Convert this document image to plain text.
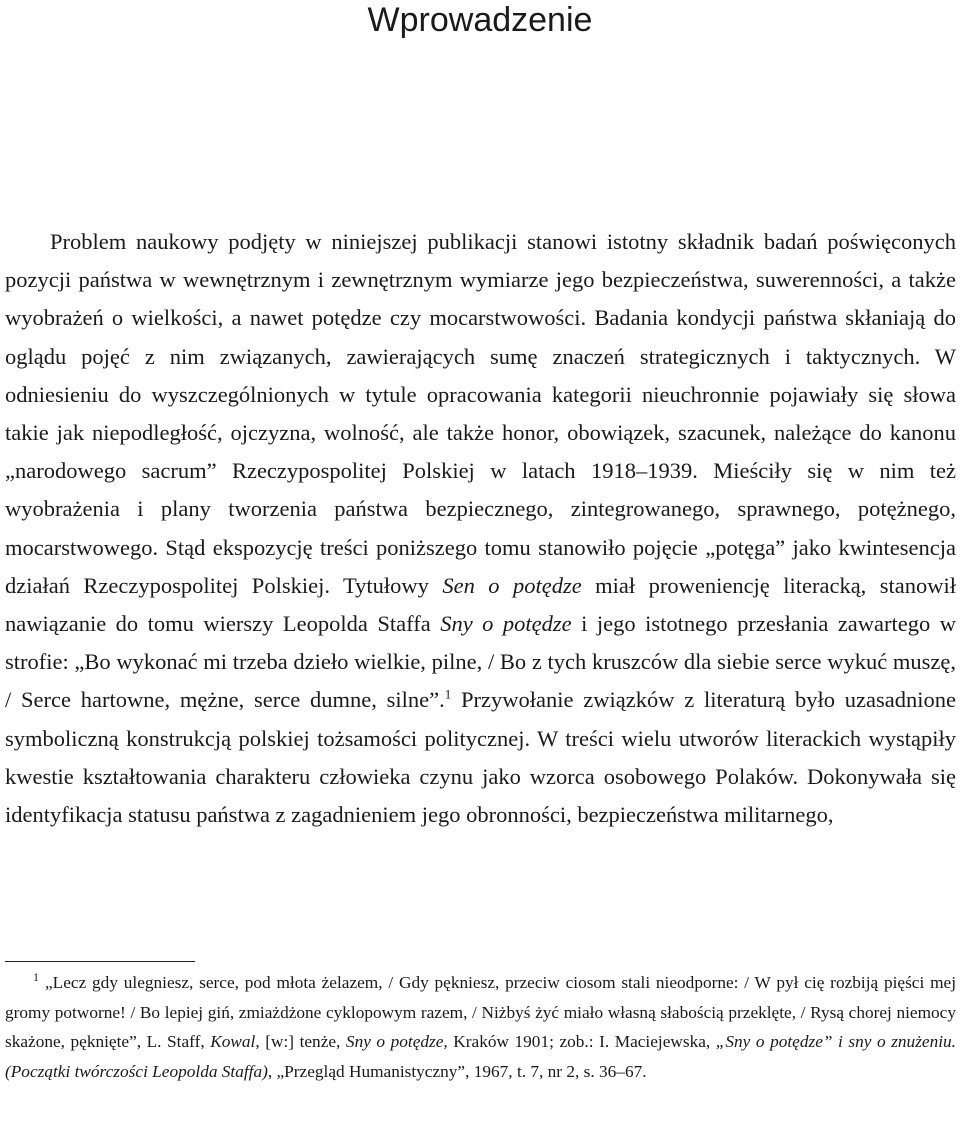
Wprowadzenie

Problem naukowy podjęty w niniejszej publikacji stanowi istotny składnik badań poświęconych pozycji państwa w wewnętrznym i zewnętrznym wymiarze jego bezpieczeństwa, suwerenności, a także wyobrażeń o wielkości, a nawet potędze czy mocarstwowości. Badania kondycji państwa skłaniają do oglądu pojęć z nim związanych, zawierających sumę znaczeń strategicznych i taktycznych. W odniesieniu do wyszczególnionych w tytule opracowania kategorii nieuchronnie pojawiały się słowa takie jak niepodległość, ojczyzna, wolność, ale także honor, obowiązek, szacunek, należące do kanonu „narodowego sacrum” Rzeczypospolitej Polskiej w latach 1918–1939. Mieściły się w nim też wyobrażenia i plany tworzenia państwa bezpiecznego, zintegrowanego, sprawnego, potężnego, mocarstwowego. Stąd ekspozycję treści poniższego tomu stanowiło pojęcie „potęga” jako kwintesencja działań Rzeczypospolitej Polskiej. Tytułowy Sen o potędze miał proweniencję literacką, stanowił nawiązanie do tomu wierszy Leopolda Staffa Sny o potędze i jego istotnego przesłania zawartego w strofie: „Bo wykonać mi trzeba dzieło wielkie, pilne, / Bo z tych kruszców dla siebie serce wykuć muszę, / Serce hartowne, mężne, serce dumne, silne”.$^1$ Przywołanie związków z literaturą było uzasadnione symboliczną konstrukcją polskiej tożsamości politycznej. W treści wielu utworów literackich wystąpiły kwestie kształtowania charakteru człowieka czynu jako wzorca osobowego Polaków. Dokonywała się identyfikacja statusu państwa z zagadnieniem jego obronności, bezpieczeństwa militarnego,

$^1$ „Lecz gdy ulegniesz, serce, pod młota żelazem, / Gdy pękniesz, przeciw ciosom stali nieodporne: / W pył cię rozbiją pięści mej gromy potworne! / Bo lepiej giń, zmiażdżone cyklopowym razem, / Niżbyś żyć miało własną słabością przeklęte, / Rysą chorej niemocy skażone, pęknięte”, L. Staff, Kowal, [w:] tenże, Sny o potędze, Kraków 1901; zob.: I. Maciejewska, „Sny o potędze” i sny o znużeniu. (Początki twórczości Leopolda Staffa), „Przegląd Humanistyczny”, 1967, t. 7, nr 2, s. 36–67.
